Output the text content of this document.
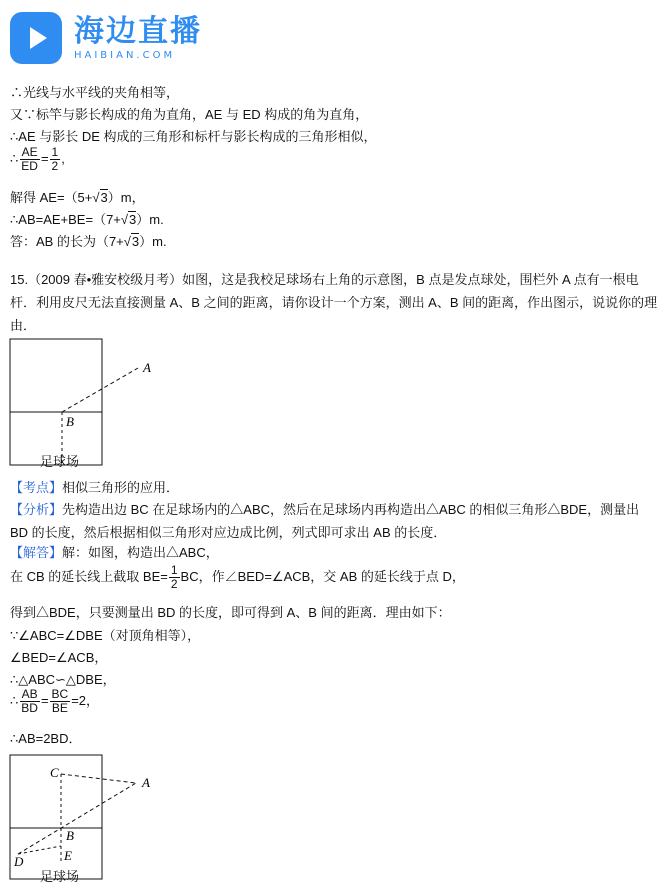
海边直播
HAIBIAN.COM
∴光线与水平线的夹角相等，
又∵标竿与影长构成的角为直角，AE 与 ED 构成的角为直角，
∴AE 与影长 DE 构成的三角形和标杆与影长构成的三角形相似，
∴ $\frac{AE}{ED} = \frac{1}{2}$ ,
解得 AE=（5+√3）m，
∴AB=AE+BE=（7+√3）m.
答：AB 的长为（7+√3）m.
15.（2009 春•雅安校级月考）如图，这是我校足球场右上角的示意图，B 点是发点球处，围栏外 A 点有一根电杆．利用皮尺无法直接测量 A、B 之间的距离，请你设计一个方案，测出 A、B 间的距离，作出图示，说说你的理由．
A
B
足球场
【考点】相似三角形的应用．
【分析】先构造出边 BC 在足球场内的△ABC，然后在足球场内再构造出△ABC 的相似三角形△BDE，测量出 BD 的长度，然后根据相似三角形对应边成比例，列式即可求出 AB 的长度．
【解答】解：如图，构造出△ABC，
在 CB 的延长线上截取 $BE= \frac{1}{2}$ BC，作∠BED=∠ACB，交 AB 的延长线于点 D，
得到△BDE，只要测量出 BD 的长度，即可得到 A、B 间的距离．理由如下：
∵∠ABC=∠DBE（对顶角相等），
∠BED=∠ACB，
∴△ABC∽△DBE，
∴ $\frac{AB}{BD} = \frac{BC}{BE} =2$，
∴AB=2BD．
A
B
C
D	E
足球场
